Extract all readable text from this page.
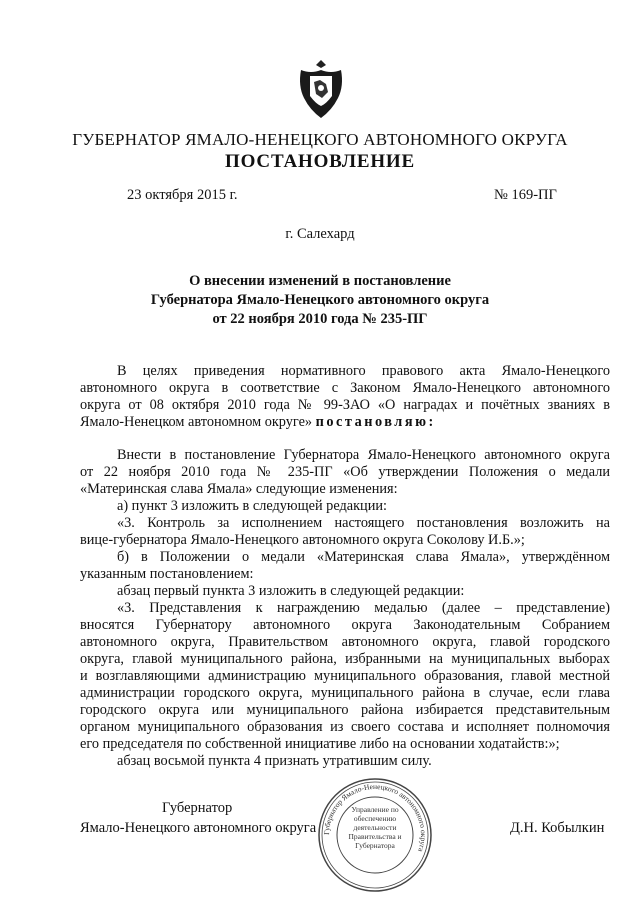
ГУБЕРНАТОР ЯМАЛО-НЕНЕЦКОГО АВТОНОМНОГО ОКРУГА
ПОСТАНОВЛЕНИЕ
23 октября 2015 г.	№ 169-ПГ
г. Салехард
О внесении изменений в постановление
Губернатора Ямало-Ненецкого автономного округа
от 22 ноября 2010 года № 235-ПГ
В целях приведения нормативного правового акта Ямало-Ненецкого
автономного округа в соответствие с Законом Ямало-Ненецкого автономного
округа от 08 октября 2010 года № 99-ЗАО «О наградах и почётных званиях в
Ямало-Ненецком автономном округе» постановляю:
Внести в постановление Губернатора Ямало-Ненецкого автономного округа
от 22 ноября 2010 года № 235-ПГ «Об утверждении Положения о медали
«Материнская слава Ямала» следующие изменения:
а) пункт 3 изложить в следующей редакции:
«3. Контроль за исполнением настоящего постановления возложить на
вице-губернатора Ямало-Ненецкого автономного округа Соколову И.Б.»;
б) в Положении о медали «Материнская слава Ямала», утверждённом
указанным постановлением:
абзац первый пункта 3 изложить в следующей редакции:
«3. Представления к награждению медалью (далее – представление)
вносятся Губернатору автономного округа Законодательным Собранием
автономного округа, Правительством автономного округа, главой городского
округа, главой муниципального района, избранными на муниципальных выборах
и возглавляющими администрацию муниципального образования, главой местной
администрации городского округа, муниципального района в случае, если глава
городского округа или муниципального района избирается представительным
органом муниципального образования из своего состава и исполняет полномочия
его председателя по собственной инициативе либо на основании ходатайств:»;
абзац восьмой пункта 4 признать утратившим силу.
Губернатор
Ямало-Ненецкого автономного округа	Д.Н. Кобылкин
Губернатор Ямало-Ненецкого автономного округа
Управление по обеспечению деятельности Правительства и Губернатора
